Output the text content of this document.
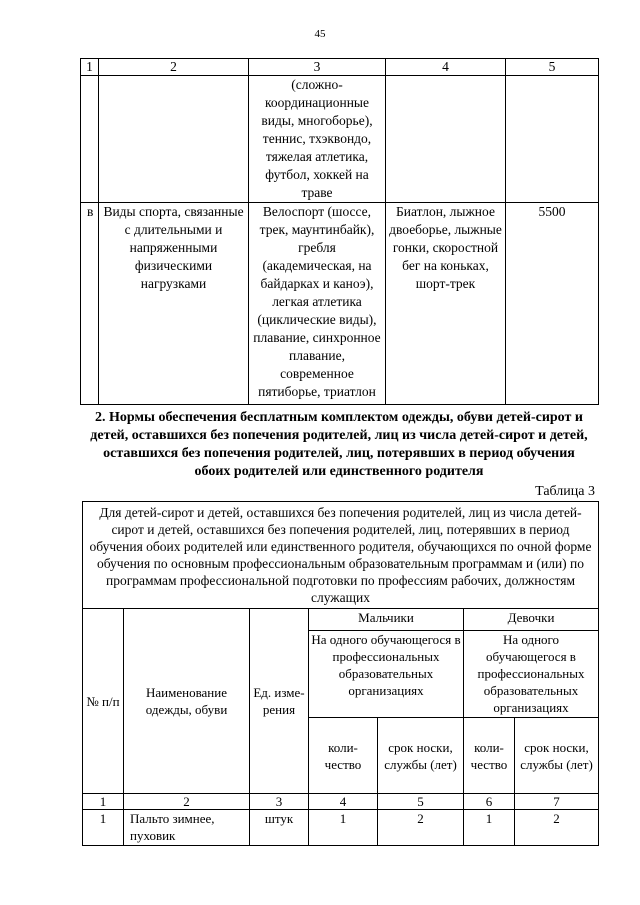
45
1	2	3	4	5
		(сложно-координационные виды, многоборье), теннис, тхэквондо, тяжелая атлетика, футбол, хоккей на траве		
в	Виды спорта, связанные с длительными и напряженными физическими нагрузками	Велоспорт (шоссе, трек, маунтинбайк), гребля (академическая, на байдарках и каноэ), легкая атлетика (циклические виды), плавание, синхронное плавание, современное пятиборье, триатлон	Биатлон, лыжное двоеборье, лыжные гонки, скоростной бег на коньках, шорт-трек	5500
2. Нормы обеспечения бесплатным комплектом одежды, обуви детей-сирот и детей, оставшихся без попечения родителей, лиц из числа детей-сирот и детей, оставшихся без попечения родителей, лиц, потерявших в период обучения обоих родителей или единственного родителя
Таблица 3
Для детей-сирот и детей, оставшихся без попечения родителей, лиц из числа детей-сирот и детей, оставшихся без попечения родителей, лиц, потерявших в период обучения обоих родителей или единственного родителя, обучающихся по очной форме обучения по основным профессиональным образовательным программам и (или) по программам профессиональной подготовки по профессиям рабочих, должностям служащих						
№ п/п	Наименование одежды, обуви	Ед. изме-рения	Мальчики		Девочки	
			На одного обучающегося в профессиональных образовательных организациях		На одного обучающегося в профессиональных образовательных организациях	
			коли-чество	срок носки, службы (лет)	коли-чество	срок носки, службы (лет)
1	2	3	4	5	6	7
1	Пальто зимнее, пуховик	штук	1	2	1	2
